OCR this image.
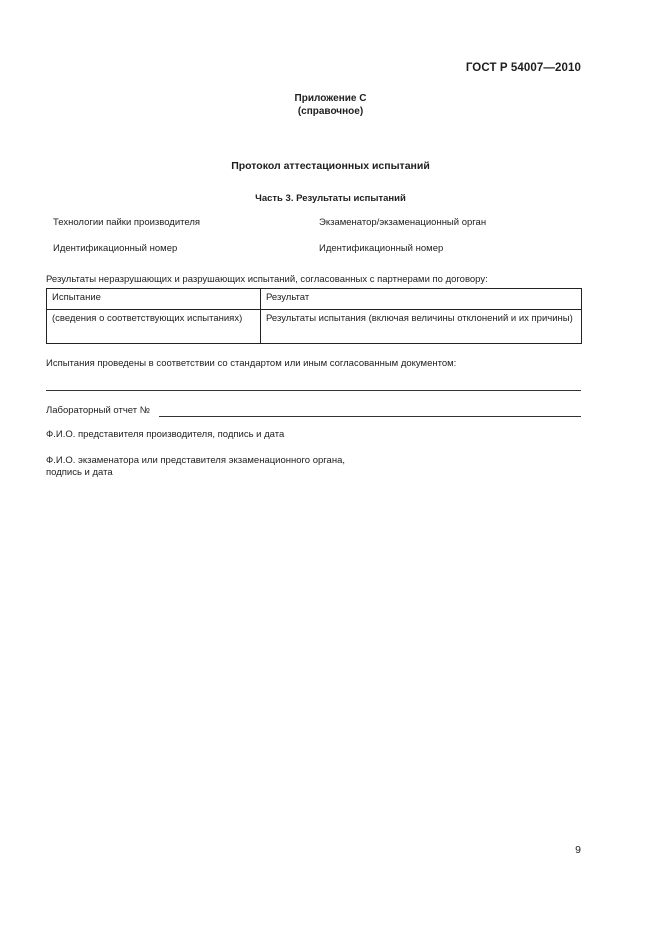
ГОСТ Р 54007—2010
Приложение С
(справочное)
Протокол аттестационных испытаний
Часть 3. Результаты испытаний
Технологии пайки производителя	Экзаменатор/экзаменационный орган
Идентификационный номер	Идентификационный номер
Результаты неразрушающих и разрушающих испытаний, согласованных с партнерами по договору:
Испытание	Результат
(сведения о соответствующих испытаниях)	Результаты испытания (включая величины отклонений и их причины)
Испытания проведены в соответствии со стандартом или иным согласованным документом:
Лабораторный отчет №
Ф.И.О. представителя производителя, подпись и дата
Ф.И.О. экзаменатора или представителя экзаменационного органа,
подпись и дата
9
